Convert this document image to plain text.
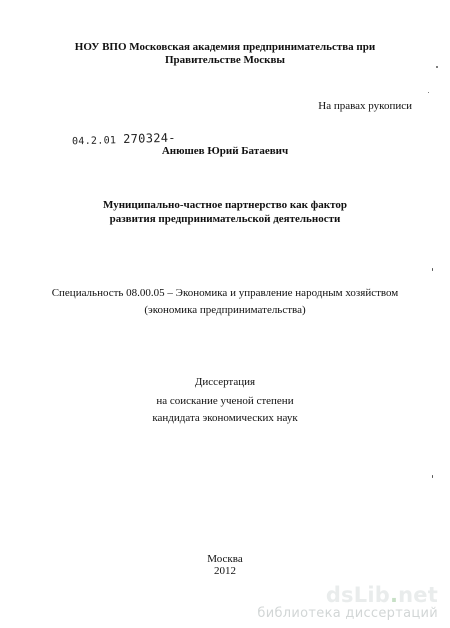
НОУ ВПО Московская академия предпринимательства при
Правительстве Москвы
На правах рукописи
04.2.01 270324-
Анюшев Юрий Батаевич
Муниципально-частное партнерство как фактор
развития предпринимательской деятельности
Специальность 08.00.05 – Экономика и управление народным хозяйством
(экономика предпринимательства)
Диссертация
на соискание ученой степени
кандидата экономических наук
Москва
2012
dsLib.net
библиотека диссертаций
